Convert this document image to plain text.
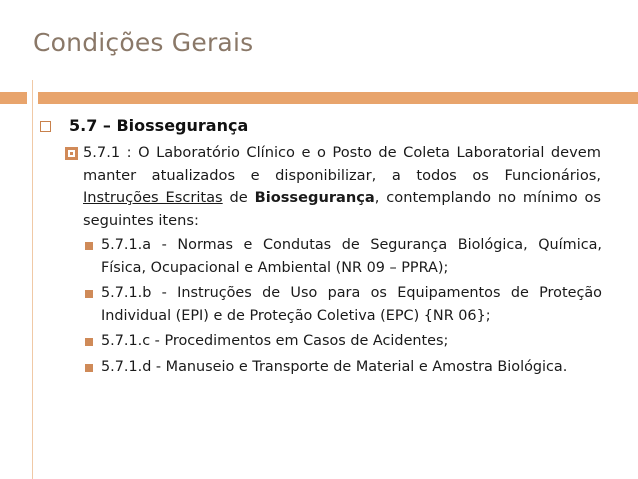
Condições Gerais
5.7 – Biossegurança
5.7.1 : O Laboratório Clínico e o Posto de Coleta Laboratorial devem manter atualizados e disponibilizar, a todos os Funcionários, Instruções Escritas de Biossegurança, contemplando no mínimo os seguintes itens:
5.7.1.a - Normas e Condutas de Segurança Biológica, Química, Física, Ocupacional e Ambiental (NR 09 – PPRA);
5.7.1.b - Instruções de Uso para os Equipamentos de Proteção Individual (EPI) e de Proteção Coletiva (EPC) {NR 06};
5.7.1.c - Procedimentos em Casos de Acidentes;
5.7.1.d - Manuseio e Transporte de Material e Amostra Biológica.
